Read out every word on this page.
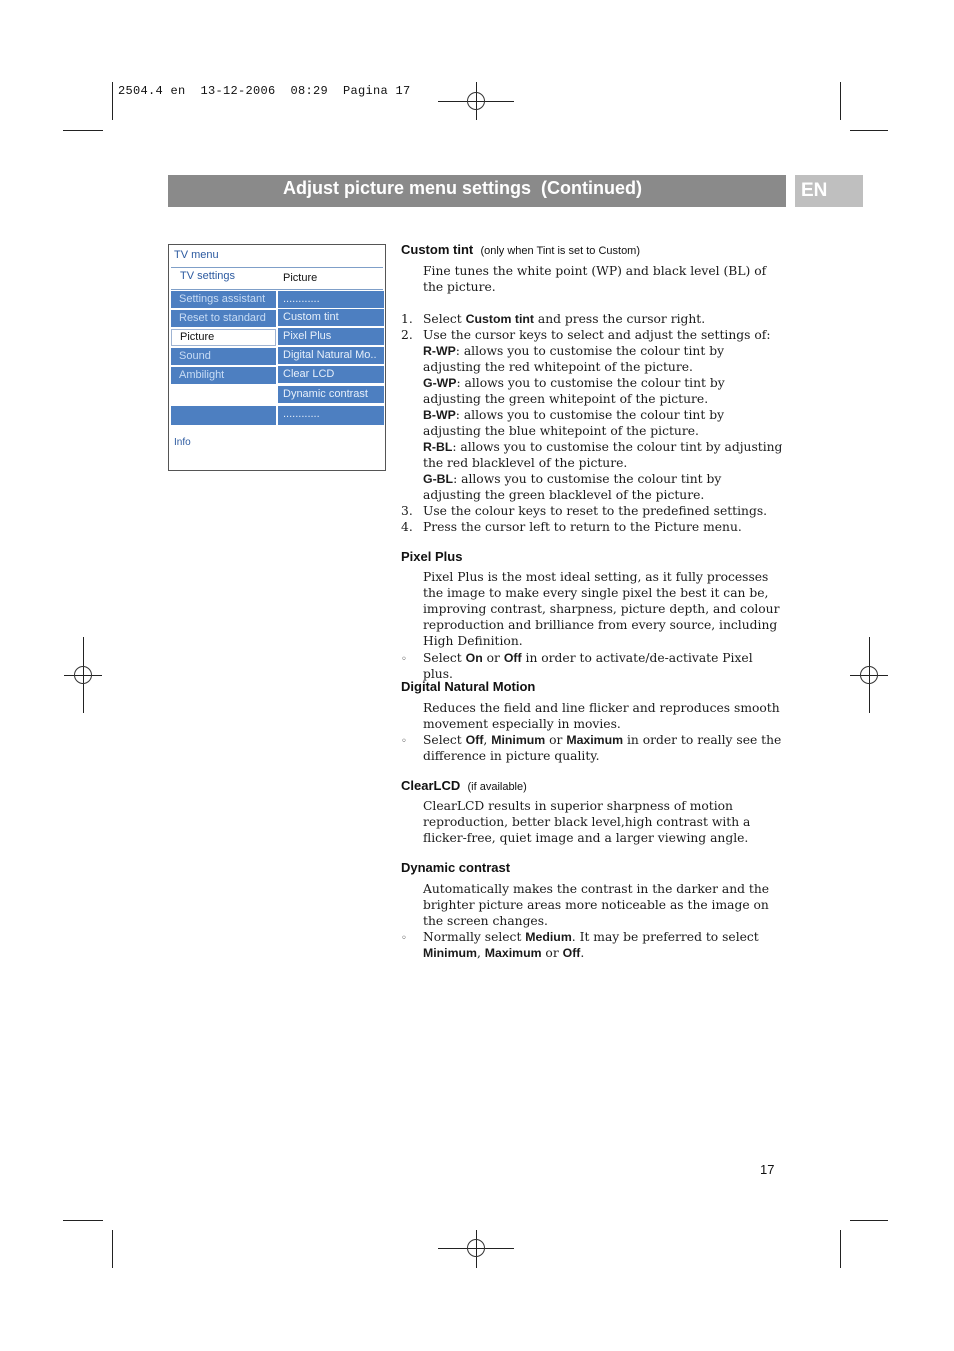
2504.4 en  13-12-2006  08:29  Pagina 17
Adjust picture menu settings  (Continued)	EN
TV menu
TV settings	Picture
Settings assistant
Reset to standard
Picture
Sound
Ambilight
............
Custom tint
Pixel Plus
Digital Natural Mo..
Clear LCD
Dynamic contrast
............
Info
Custom tint (only when Tint is set to Custom)
Fine tunes the white point (WP) and black level (BL) of the picture.
1. Select Custom tint and press the cursor right.
2. Use the cursor keys to select and adjust the settings of:
R-WP: allows you to customise the colour tint by adjusting the red whitepoint of the picture.
G-WP: allows you to customise the colour tint by adjusting the green whitepoint of the picture.
B-WP: allows you to customise the colour tint by adjusting the blue whitepoint of the picture.
R-BL: allows you to customise the colour tint by adjusting the red blacklevel of the picture.
G-BL: allows you to customise the colour tint by adjusting the green blacklevel of the picture.
3. Use the colour keys to reset to the predefined settings.
4. Press the cursor left to return to the Picture menu.
Pixel Plus
Pixel Plus is the most ideal setting, as it fully processes the image to make every single pixel the best it can be, improving contrast, sharpness, picture depth, and colour reproduction and brilliance from every source, including High Definition.
◦ Select On or Off in order to activate/de-activate Pixel plus.
Digital Natural Motion
Reduces the field and line flicker and reproduces smooth movement especially in movies.
◦ Select Off, Minimum or Maximum in order to really see the difference in picture quality.
ClearLCD (if available)
ClearLCD results in superior sharpness of motion reproduction, better black level,high contrast with a flicker-free, quiet image and a larger viewing angle.
Dynamic contrast
Automatically makes the contrast in the darker and the brighter picture areas more noticeable as the image on the screen changes.
◦ Normally select Medium. It may be preferred to select Minimum, Maximum or Off.
17
